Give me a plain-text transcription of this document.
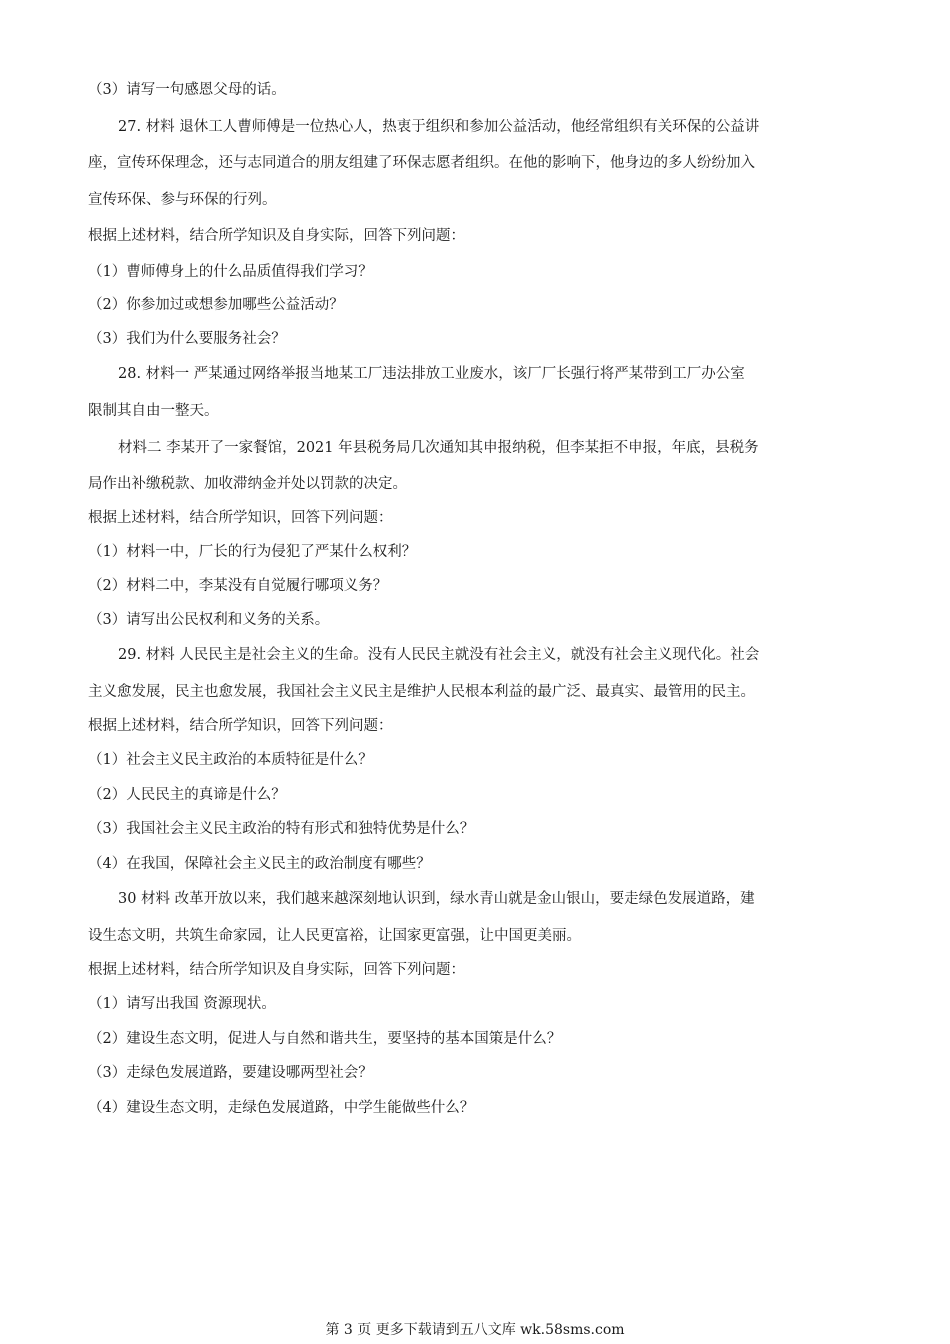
（3）请写一句感恩父母的话。
27. 材料 退休工人曹师傅是一位热心人，热衷于组织和参加公益活动，他经常组织有关环保的公益讲
座，宣传环保理念，还与志同道合的朋友组建了环保志愿者组织。在他的影响下，他身边的多人纷纷加入
宣传环保、参与环保的行列。
根据上述材料，结合所学知识及自身实际，回答下列问题：
（1）曹师傅身上的什么品质值得我们学习？
（2）你参加过或想参加哪些公益活动？
（3）我们为什么要服务社会？
28. 材料一 严某通过网络举报当地某工厂违法排放工业废水，该厂厂长强行将严某带到工厂办公室
限制其自由一整天。
材料二 李某开了一家餐馆，2021 年县税务局几次通知其申报纳税，但李某拒不申报，年底，县税务
局作出补缴税款、加收滞纳金并处以罚款的决定。
根据上述材料，结合所学知识，回答下列问题：
（1）材料一中，厂长的行为侵犯了严某什么权利？
（2）材料二中，李某没有自觉履行哪项义务？
（3）请写出公民权利和义务的关系。
29. 材料 人民民主是社会主义的生命。没有人民民主就没有社会主义，就没有社会主义现代化。社会
主义愈发展，民主也愈发展，我国社会主义民主是维护人民根本利益的最广泛、最真实、最管用的民主。
根据上述材料，结合所学知识，回答下列问题：
（1）社会主义民主政治的本质特征是什么？
（2）人民民主的真谛是什么？
（3）我国社会主义民主政治的特有形式和独特优势是什么？
（4）在我国，保障社会主义民主的政治制度有哪些？
30 材料 改革开放以来，我们越来越深刻地认识到，绿水青山就是金山银山，要走绿色发展道路，建
设生态文明，共筑生命家园，让人民更富裕，让国家更富强，让中国更美丽。
根据上述材料，结合所学知识及自身实际，回答下列问题：
（1）请写出我国 资源现状。
（2）建设生态文明，促进人与自然和谐共生，要坚持的基本国策是什么？
（3）走绿色发展道路，要建设哪两型社会？
（4）建设生态文明，走绿色发展道路，中学生能做些什么？
第 3 页 更多下载请到五八文库 wk.58sms.com
